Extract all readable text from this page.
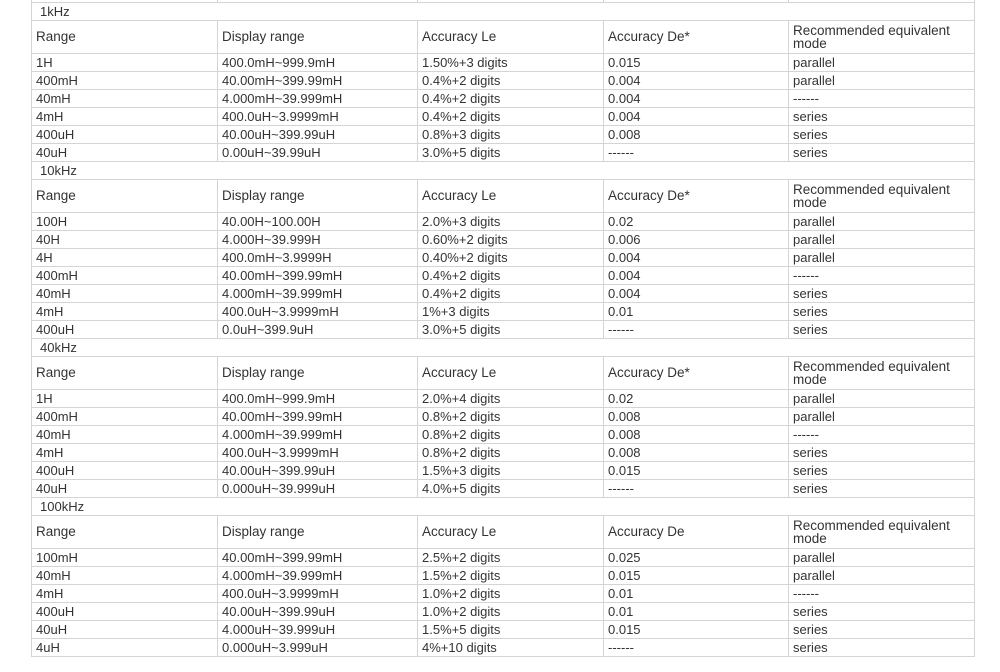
1kHz				
Range	Display range	Accuracy Le	Accuracy De*	Recommended equivalent mode
1H	400.0mH~999.9mH	1.50%+3 digits	0.015	parallel
400mH	40.00mH~399.99mH	0.4%+2 digits	0.004	parallel
40mH	4.000mH~39.999mH	0.4%+2 digits	0.004	------
4mH	400.0uH~3.9999mH	0.4%+2 digits	0.004	series
400uH	40.00uH~399.99uH	0.8%+3 digits	0.008	series
40uH	0.00uH~39.99uH	3.0%+5 digits	------	series
10kHz				
Range	Display range	Accuracy Le	Accuracy De*	Recommended equivalent mode
100H	40.00H~100.00H	2.0%+3 digits	0.02	parallel
40H	4.000H~39.999H	0.60%+2 digits	0.006	parallel
4H	400.0mH~3.9999H	0.40%+2 digits	0.004	parallel
400mH	40.00mH~399.99mH	0.4%+2 digits	0.004	------
40mH	4.000mH~39.999mH	0.4%+2 digits	0.004	series
4mH	400.0uH~3.9999mH	1%+3 digits	0.01	series
400uH	0.0uH~399.9uH	3.0%+5 digits	------	series
40kHz				
Range	Display range	Accuracy Le	Accuracy De*	Recommended equivalent mode
1H	400.0mH~999.9mH	2.0%+4 digits	0.02	parallel
400mH	40.00mH~399.99mH	0.8%+2 digits	0.008	parallel
40mH	4.000mH~39.999mH	0.8%+2 digits	0.008	------
4mH	400.0uH~3.9999mH	0.8%+2 digits	0.008	series
400uH	40.00uH~399.99uH	1.5%+3 digits	0.015	series
40uH	0.000uH~39.999uH	4.0%+5 digits	------	series
100kHz				
Range	Display range	Accuracy Le	Accuracy De	Recommended equivalent mode
100mH	40.00mH~399.99mH	2.5%+2 digits	0.025	parallel
40mH	4.000mH~39.999mH	1.5%+2 digits	0.015	parallel
4mH	400.0uH~3.9999mH	1.0%+2 digits	0.01	------
400uH	40.00uH~399.99uH	1.0%+2 digits	0.01	series
40uH	4.000uH~39.999uH	1.5%+5 digits	0.015	series
4uH	0.000uH~3.999uH	4%+10 digits	------	series
